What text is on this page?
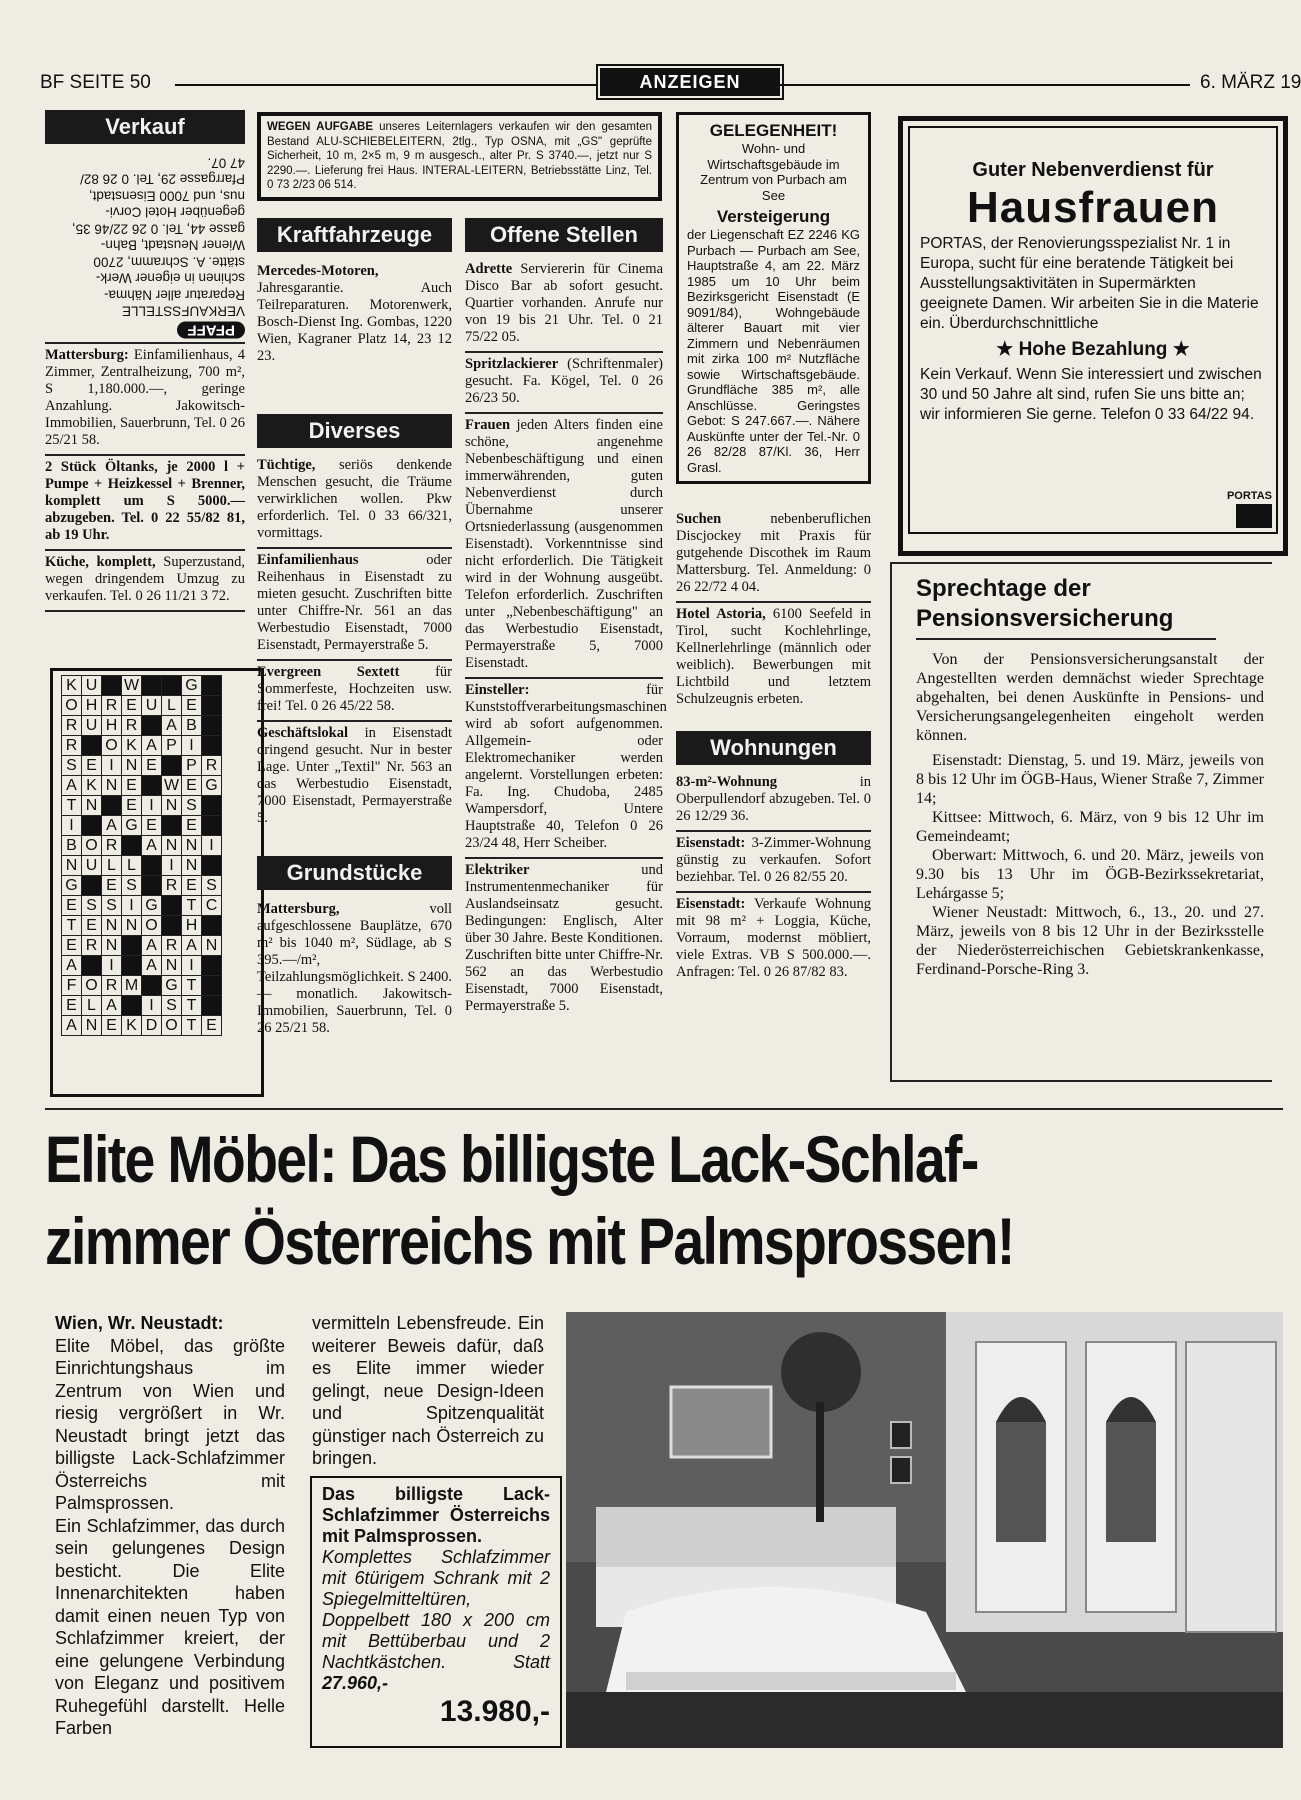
BF SEITE 50	ANZEIGEN	6. MÄRZ 19
Verkauf
PFAFF
VERKAUFSSTELLE
Reparatur aller Nähma-
schinen in eigener Werk-
stätte. A. Schramm, 2700
Wiener Neustadt, Bahn-
gasse 44, Tel. 0 26 22/46 35,
gegenüber Hotel Corvi-
nus, und 7000 Eisenstadt,
Pfarrgasse 29, Tel. 0 26 82/
47 07.
Mattersburg: Einfamilienhaus, 4 Zimmer, Zentralheizung, 700 m², S 1,180.000.—, geringe Anzahlung. Jakowitsch-Immobilien, Sauerbrunn, Tel. 0 26 25/21 58.
2 Stück Öltanks, je 2000 l + Pumpe + Heizkessel + Brenner, komplett um S 5000.— abzugeben. Tel. 0 22 55/82 81, ab 19 Uhr.
Küche, komplett, Superzustand, wegen dringendem Umzug zu verkaufen. Tel. 0 26 11/21 3 72.
K	U		W			G	
O	H	R	E	U	L	E	
R	U	H	R		A	B	
R		O	K	A	P	I	
S	E	I	N	E		P	R
A	K	N	E		W	E	G
T	N		E	I	N	S	
I		A	G	E		E	
B	O	R		A	N	N	I
N	U	L	L		I	N	
G		E	S		R	E	S
E	S	S	I	G		T	C
T	E	N	N	O		H	
E	R	N		A	R	A	N
A		I		A	N	I	
F	O	R	M		G	T	
E	L	A		I	S	T	
A	N	E	K	D	O	T	E
WEGEN AUFGABE unseres Leiternlagers verkaufen wir den gesamten Bestand ALU-SCHIEBELEITERN, 2tlg., Typ OSNA, mit „GS" geprüfte Sicherheit, 10 m, 2×5 m, 9 m ausgesch., alter Pr. S 3740.—, jetzt nur S 2290.—. Lieferung frei Haus. INTERAL-LEITERN, Betriebsstätte Linz, Tel. 0 73 2/23 06 514.
Kraftfahrzeuge
Mercedes-Motoren, Jahresgarantie. Auch Teilreparaturen. Motorenwerk, Bosch-Dienst Ing. Gombas, 1220 Wien, Kagraner Platz 14, 23 12 23.
Diverses
Tüchtige, seriös denkende Menschen gesucht, die Träume verwirklichen wollen. Pkw erforderlich. Tel. 0 33 66/321, vormittags.
Einfamilienhaus oder Reihenhaus in Eisenstadt zu mieten gesucht. Zuschriften bitte unter Chiffre-Nr. 561 an das Werbestudio Eisenstadt, 7000 Eisenstadt, Permayerstraße 5.
Evergreen Sextett für Sommerfeste, Hochzeiten usw. frei! Tel. 0 26 45/22 58.
Geschäftslokal in Eisenstadt dringend gesucht. Nur in bester Lage. Unter „Textil" Nr. 563 an das Werbestudio Eisenstadt, 7000 Eisenstadt, Permayerstraße 5.
Grundstücke
Mattersburg, voll aufgeschlossene Bauplätze, 670 m² bis 1040 m², Südlage, ab S 395.—/m², Teilzahlungsmöglichkeit. S 2400.— monatlich. Jakowitsch-Immobilien, Sauerbrunn, Tel. 0 26 25/21 58.
Offene Stellen
Adrette Serviererin für Cinema Disco Bar ab sofort gesucht. Quartier vorhanden. Anrufe nur von 19 bis 21 Uhr. Tel. 0 21 75/22 05.
Spritzlackierer (Schriftenmaler) gesucht. Fa. Kögel, Tel. 0 26 26/23 50.
Frauen jeden Alters finden eine schöne, angenehme Nebenbeschäftigung und einen immerwährenden, guten Nebenverdienst durch Übernahme unserer Ortsniederlassung (ausgenommen Eisenstadt). Vorkenntnisse sind nicht erforderlich. Die Tätigkeit wird in der Wohnung ausgeübt. Telefon erforderlich. Zuschriften unter „Nebenbeschäftigung" an das Werbestudio Eisenstadt, Permayerstraße 5, 7000 Eisenstadt.
Einsteller: für Kunststoffverarbeitungsmaschinen wird ab sofort aufgenommen. Allgemein- oder Elektromechaniker werden angelernt. Vorstellungen erbeten: Fa. Ing. Chudoba, 2485 Wampersdorf, Untere Hauptstraße 40, Telefon 0 26 23/24 48, Herr Scheiber.
Elektriker und Instrumentenmechaniker für Auslandseinsatz gesucht. Bedingungen: Englisch, Alter über 30 Jahre. Beste Konditionen. Zuschriften bitte unter Chiffre-Nr. 562 an das Werbestudio Eisenstadt, 7000 Eisenstadt, Permayerstraße 5.
GELEGENHEIT!
Wohn- und Wirtschaftsgebäude im Zentrum von Purbach am See
Versteigerung
der Liegenschaft EZ 2246 KG Purbach — Purbach am See, Hauptstraße 4, am 22. März 1985 um 10 Uhr beim Bezirksgericht Eisenstadt (E 9091/84), Wohngebäude älterer Bauart mit vier Zimmern und Nebenräumen mit zirka 100 m² Nutzfläche sowie Wirtschaftsgebäude. Grundfläche 385 m², alle Anschlüsse. Geringstes Gebot: S 247.667.—. Nähere Auskünfte unter der Tel.-Nr. 0 26 82/28 87/Kl. 36, Herr Grasl.
Suchen nebenberuflichen Discjockey mit Praxis für gutgehende Discothek im Raum Mattersburg. Tel. Anmeldung: 0 26 22/72 4 04.
Hotel Astoria, 6100 Seefeld in Tirol, sucht Kochlehrlinge, Kellnerlehrlinge (männlich oder weiblich). Bewerbungen mit Lichtbild und letztem Schulzeugnis erbeten.
Wohnungen
83-m²-Wohnung in Oberpullendorf abzugeben. Tel. 0 26 12/29 36.
Eisenstadt: 3-Zimmer-Wohnung günstig zu verkaufen. Sofort beziehbar. Tel. 0 26 82/55 20.
Eisenstadt: Verkaufe Wohnung mit 98 m² + Loggia, Küche, Vorraum, modernst möbliert, viele Extras. VB S 500.000.—. Anfragen: Tel. 0 26 87/82 83.
Guter Nebenverdienst für
Hausfrauen
PORTAS, der Renovierungsspezialist Nr. 1 in Europa, sucht für eine beratende Tätigkeit bei Ausstellungsaktivitäten in Supermärkten geeignete Damen. Wir arbeiten Sie in die Materie ein. Überdurchschnittliche
★ Hohe Bezahlung ★
Kein Verkauf. Wenn Sie interessiert und zwischen 30 und 50 Jahre alt sind, rufen Sie uns bitte an; wir informieren Sie gerne. Telefon 0 33 64/22 94.
PORTAS
Sprechtage der Pensionsversicherung
Von der Pensionsversicherungsanstalt der Angestellten werden demnächst wieder Sprechtage abgehalten, bei denen Auskünfte in Pensions- und Versicherungsangelegenheiten eingeholt werden können.
Eisenstadt: Dienstag, 5. und 19. März, jeweils von 8 bis 12 Uhr im ÖGB-Haus, Wiener Straße 7, Zimmer 14;
Kittsee: Mittwoch, 6. März, von 9 bis 12 Uhr im Gemeindeamt;
Oberwart: Mittwoch, 6. und 20. März, jeweils von 9.30 bis 13 Uhr im ÖGB-Bezirkssekretariat, Lehárgasse 5;
Wiener Neustadt: Mittwoch, 6., 13., 20. und 27. März, jeweils von 8 bis 12 Uhr in der Bezirksstelle der Niederösterreichischen Gebietskrankenkasse, Ferdinand-Porsche-Ring 3.
Elite Möbel: Das billigste Lack-Schlaf-
zimmer Österreichs mit Palmsprossen!
Wien, Wr. Neustadt:
Elite Möbel, das größte Einrichtungshaus im Zentrum von Wien und riesig vergrößert in Wr. Neustadt bringt jetzt das billigste Lack-Schlafzimmer Österreichs mit Palmsprossen.
Ein Schlafzimmer, das durch sein gelungenes Design besticht. Die Elite Innenarchitekten haben damit einen neuen Typ von Schlafzimmer kreiert, der eine gelungene Verbindung von Eleganz und positivem Ruhegefühl darstellt. Helle Farben
vermitteln Lebensfreude. Ein weiterer Beweis dafür, daß es Elite immer wieder gelingt, neue Design-Ideen und Spitzenqualität günstiger nach Österreich zu bringen.
Das billigste Lack-Schlafzimmer Österreichs mit Palmsprossen.
Komplettes Schlafzimmer mit 6türigem Schrank mit 2 Spiegelmitteltüren, Doppelbett 180 x 200 cm mit Bettüberbau und 2 Nachtkästchen. Statt 27.960,-
13.980,-
